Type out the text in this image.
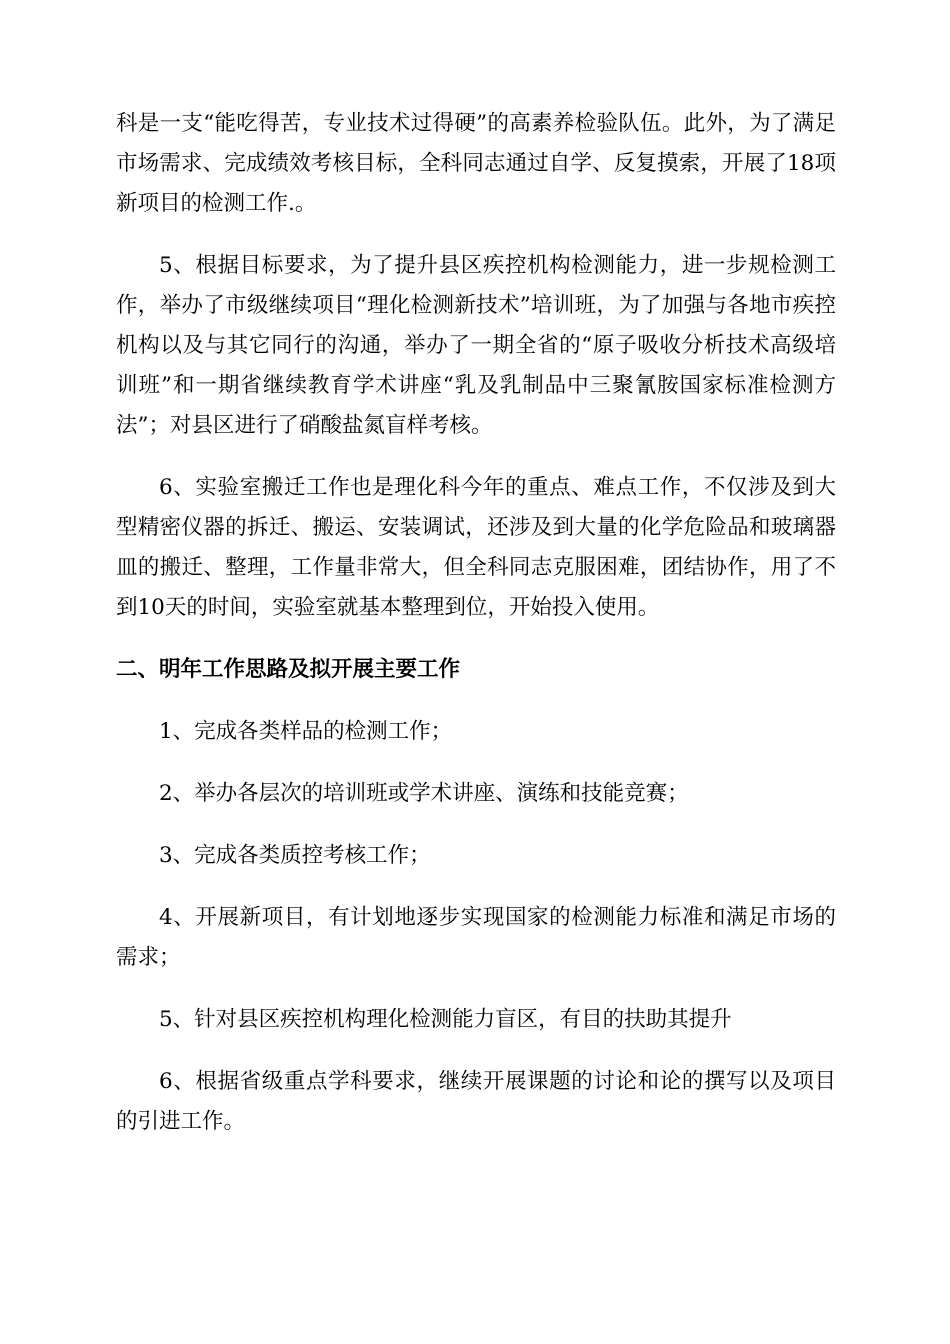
科是一支“能吃得苦，专业技术过得硬”的高素养检验队伍。此外，为了满足市场需求、完成绩效考核目标，全科同志通过自学、反复摸索，开展了18项新项目的检测工作.。

5、根据目标要求，为了提升县区疾控机构检测能力，进一步规检测工作，举办了市级继续项目“理化检测新技术”培训班，为了加强与各地市疾控机构以及与其它同行的沟通，举办了一期全省的“原子吸收分析技术高级培训班”和一期省继续教育学术讲座“乳及乳制品中三聚氰胺国家标准检测方法”；对县区进行了硝酸盐氮盲样考核。

6、实验室搬迁工作也是理化科今年的重点、难点工作，不仅涉及到大型精密仪器的拆迁、搬运、安装调试，还涉及到大量的化学危险品和玻璃器皿的搬迁、整理，工作量非常大，但全科同志克服困难，团结协作，用了不到10天的时间，实验室就基本整理到位，开始投入使用。

二、明年工作思路及拟开展主要工作

1、完成各类样品的检测工作；

2、举办各层次的培训班或学术讲座、演练和技能竞赛；

3、完成各类质控考核工作；

4、开展新项目，有计划地逐步实现国家的检测能力标准和满足市场的需求；

5、针对县区疾控机构理化检测能力盲区，有目的扶助其提升

6、根据省级重点学科要求，继续开展课题的讨论和论的撰写以及项目的引进工作。
